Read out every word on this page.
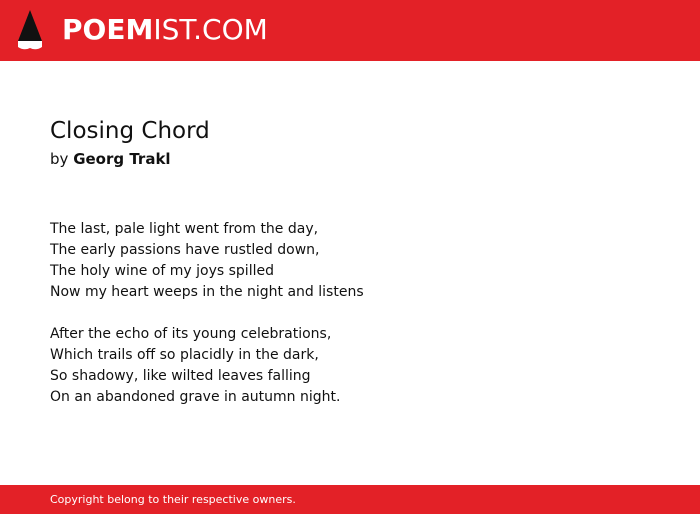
POEMIST.COM
Closing Chord
by Georg Trakl
The last, pale light went from the day,
The early passions have rustled down,
The holy wine of my joys spilled
Now my heart weeps in the night and listens
After the echo of its young celebrations,
Which trails off so placidly in the dark,
So shadowy, like wilted leaves falling
On an abandoned grave in autumn night.
Copyright belong to their respective owners.
